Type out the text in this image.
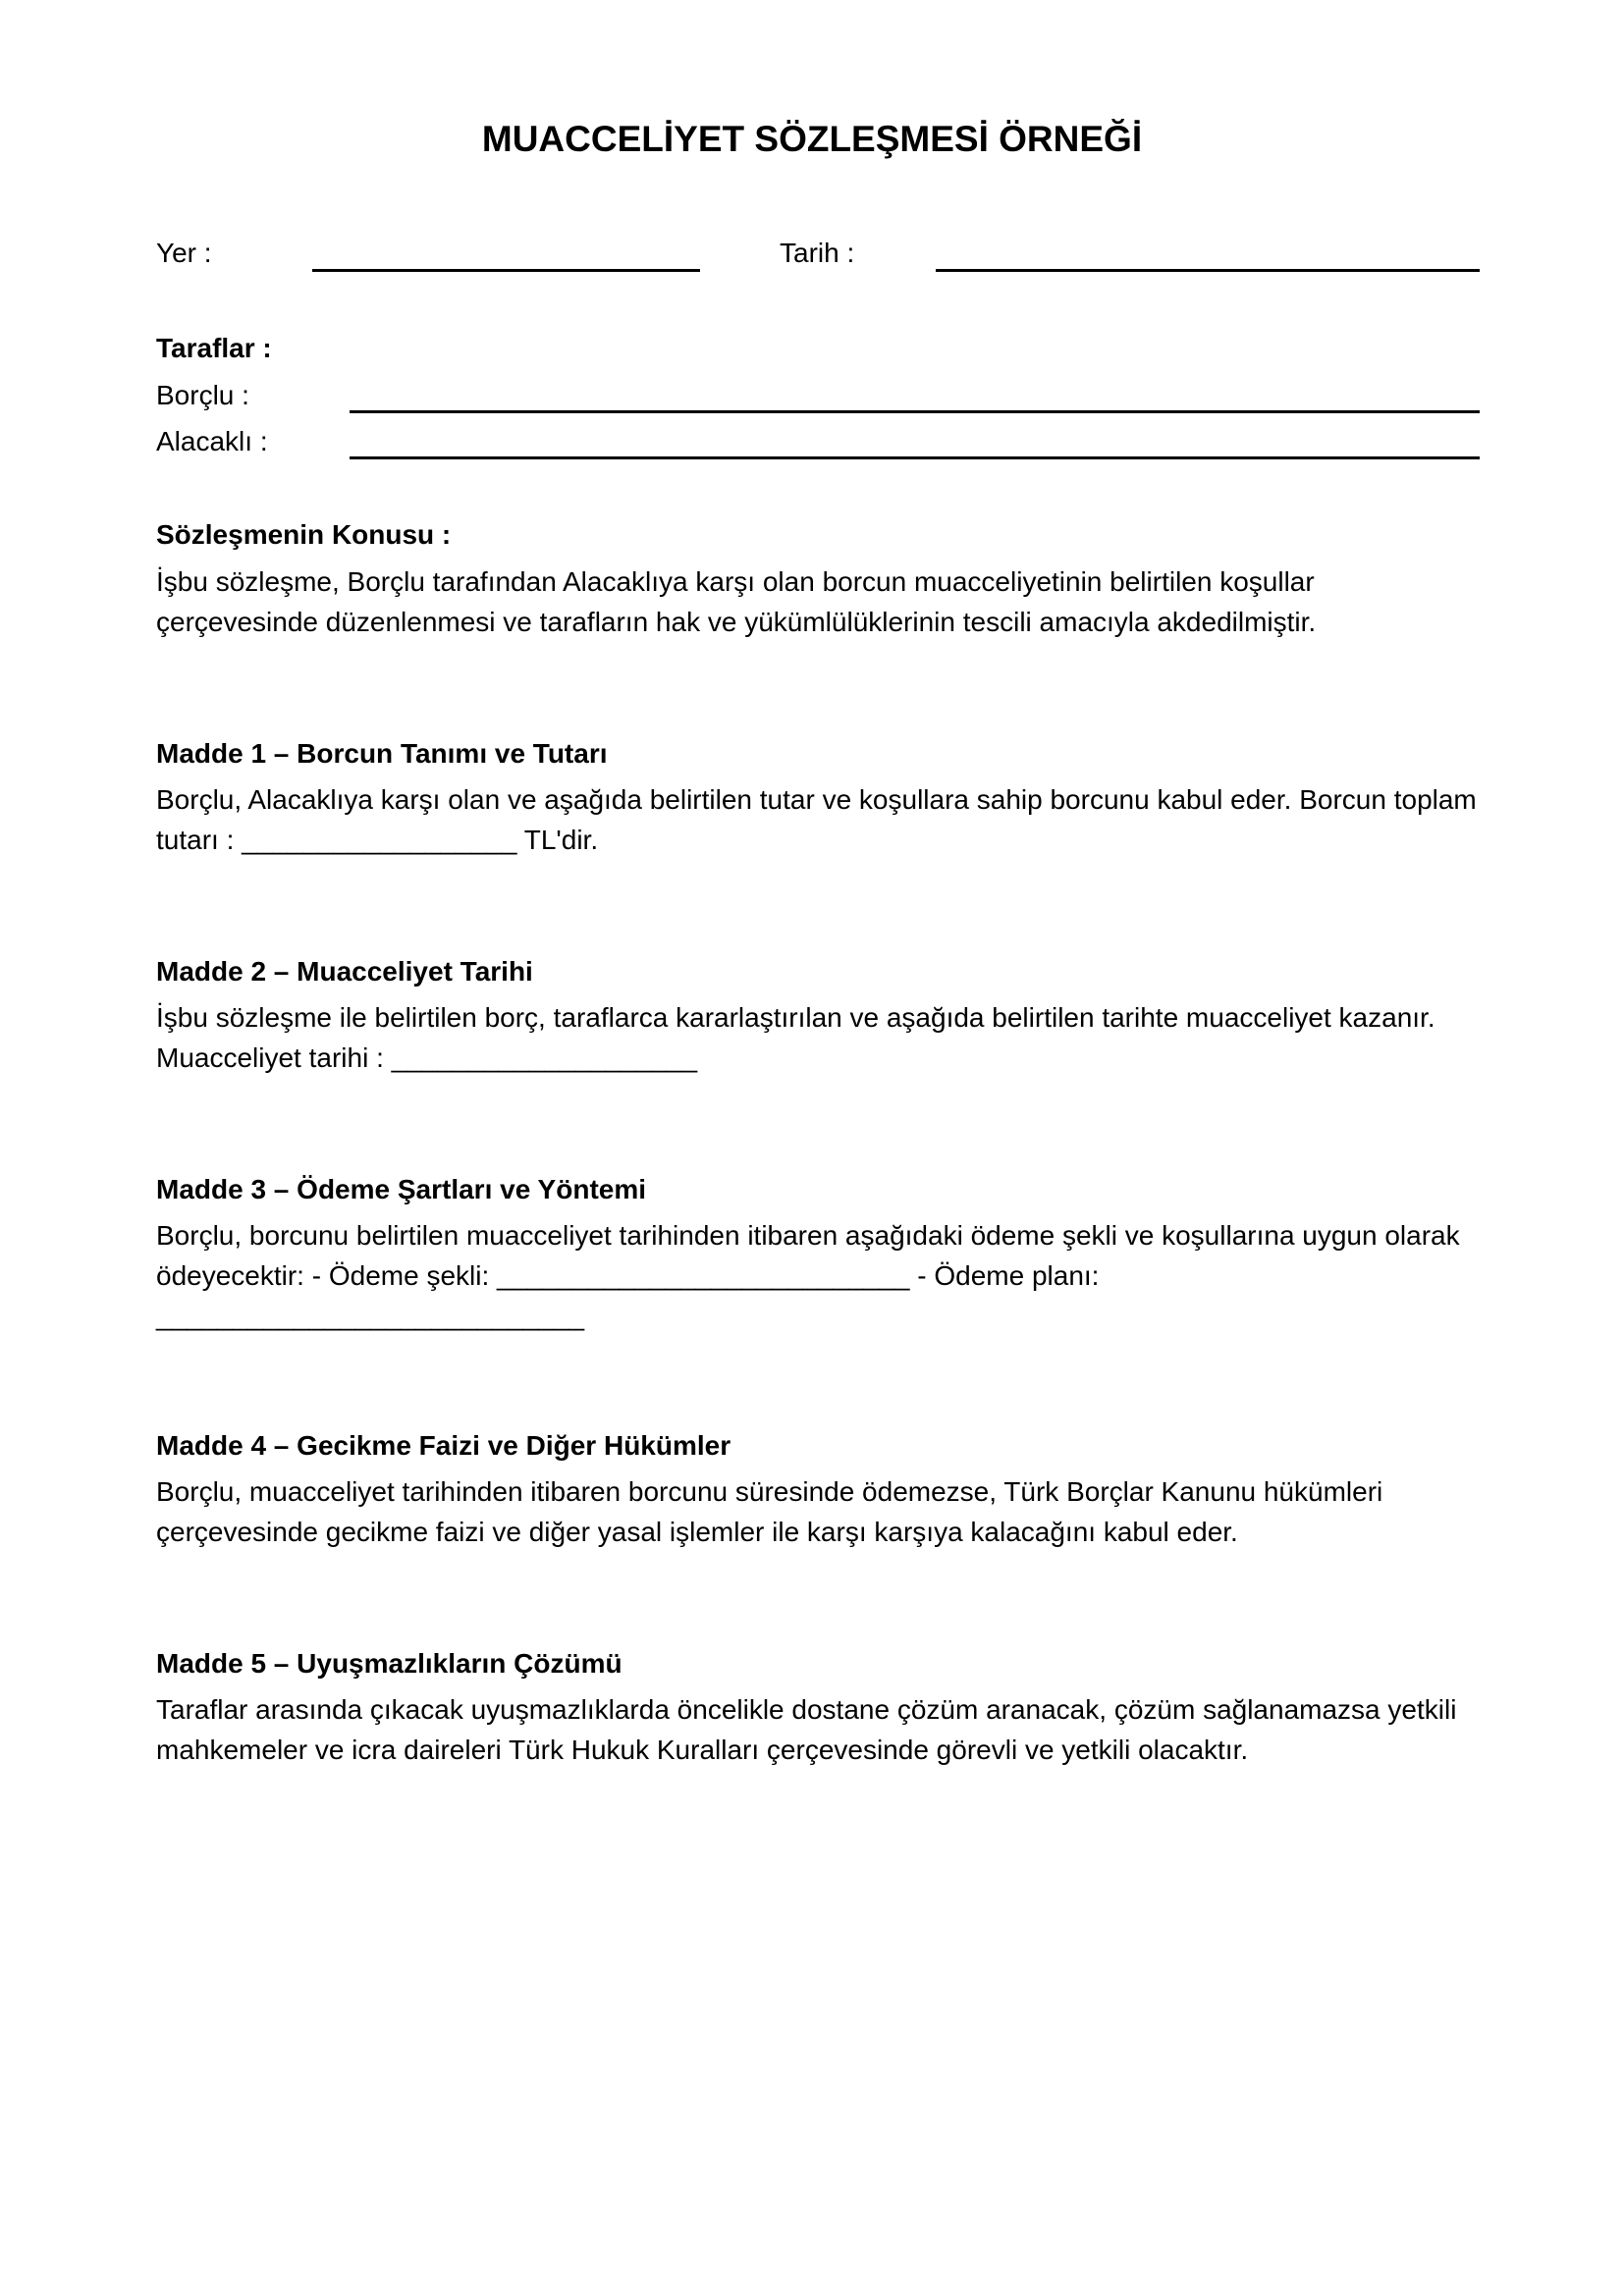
MUACCELİYET SÖZLEŞMESİ ÖRNEĞİ
Yer :	Tarih :
Taraflar :
Borçlu :
Alacaklı :
Sözleşmenin Konusu :

İşbu sözleşme, Borçlu tarafından Alacaklıya karşı olan borcun muacceliyetinin belirtilen koşullar çerçevesinde düzenlenmesi ve tarafların hak ve yükümlülüklerinin tescili amacıyla akdedilmiştir.

Madde 1 – Borcun Tanımı ve Tutarı

Borçlu, Alacaklıya karşı olan ve aşağıda belirtilen tutar ve koşullara sahip borcunu kabul eder. Borcun toplam tutarı : __________________ TL'dir.

Madde 2 – Muacceliyet Tarihi

İşbu sözleşme ile belirtilen borç, taraflarca kararlaştırılan ve aşağıda belirtilen tarihte muacceliyet kazanır. Muacceliyet tarihi : ____________________

Madde 3 – Ödeme Şartları ve Yöntemi

Borçlu, borcunu belirtilen muacceliyet tarihinden itibaren aşağıdaki ödeme şekli ve koşullarına uygun olarak ödeyecektir: - Ödeme şekli: ___________________________ - Ödeme planı: ____________________________

Madde 4 – Gecikme Faizi ve Diğer Hükümler

Borçlu, muacceliyet tarihinden itibaren borcunu süresinde ödemezse, Türk Borçlar Kanunu hükümleri çerçevesinde gecikme faizi ve diğer yasal işlemler ile karşı karşıya kalacağını kabul eder.

Madde 5 – Uyuşmazlıkların Çözümü

Taraflar arasında çıkacak uyuşmazlıklarda öncelikle dostane çözüm aranacak, çözüm sağlanamazsa yetkili mahkemeler ve icra daireleri Türk Hukuk Kuralları çerçevesinde görevli ve yetkili olacaktır.
